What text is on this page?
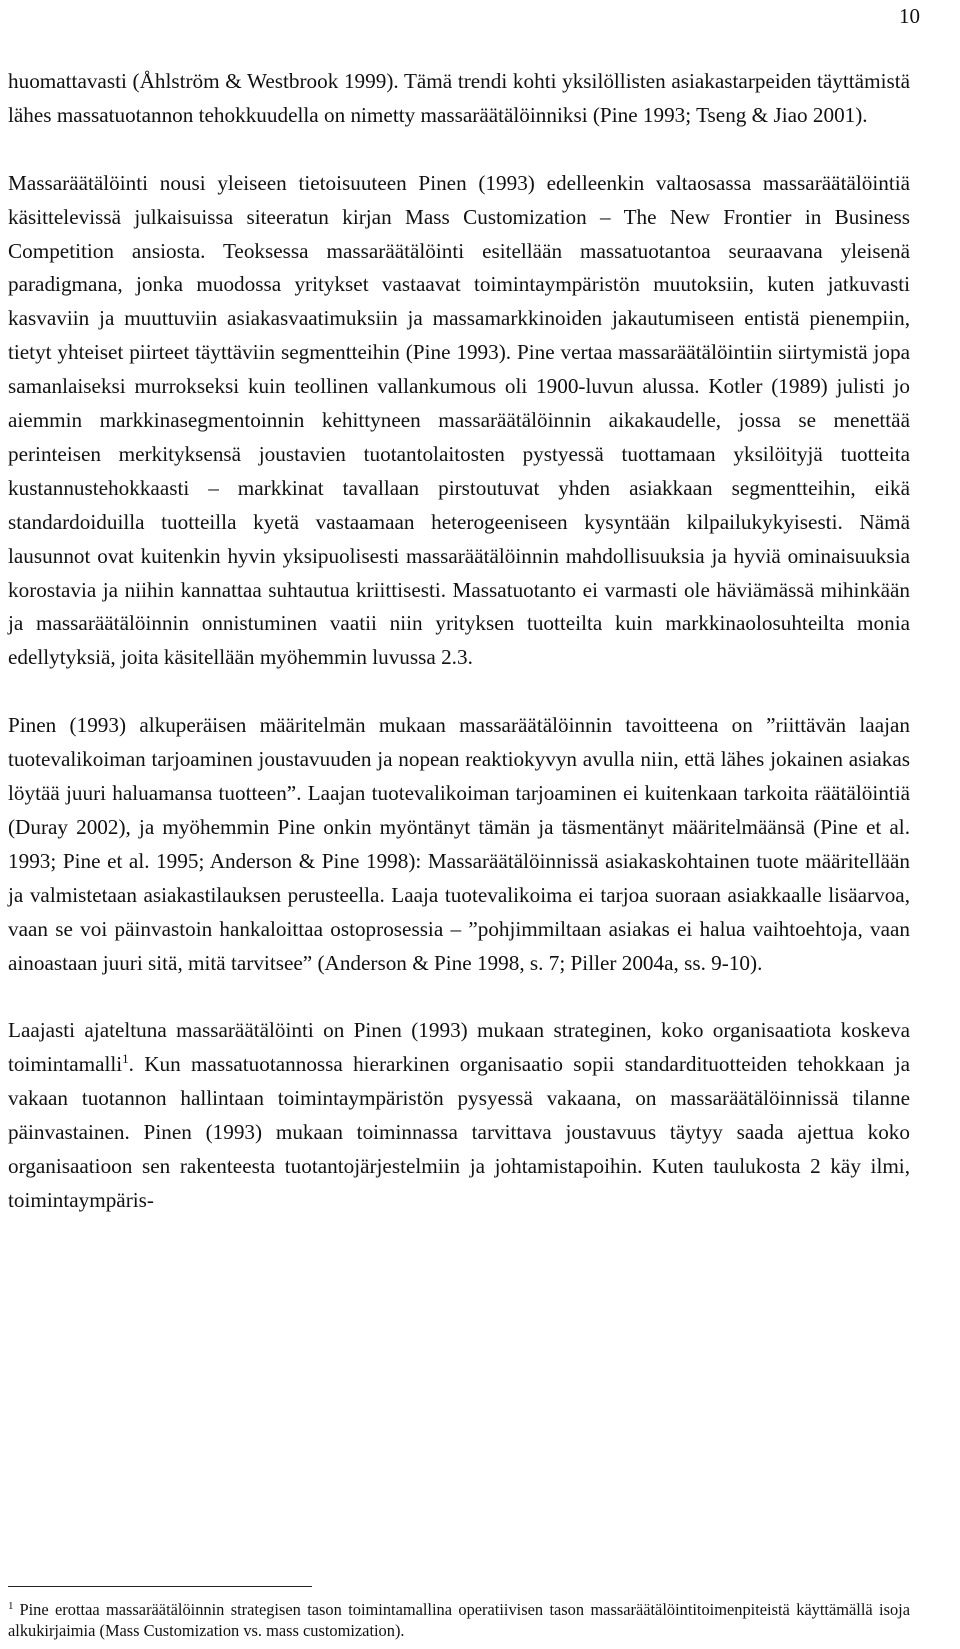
10

huomattavasti (Åhlström & Westbrook 1999). Tämä trendi kohti yksilöllisten asiakastarpeiden täyttämistä lähes massatuotannon tehokkuudella on nimetty massaräätälöinniksi (Pine 1993; Tseng & Jiao 2001).

Massaräätälöinti nousi yleiseen tietoisuuteen Pinen (1993) edelleenkin valtaosassa massaräätälöintiä käsittelevissä julkaisuissa siteeratun kirjan Mass Customization – The New Frontier in Business Competition ansiosta. Teoksessa massaräätälöinti esitellään massatuotantoa seuraavana yleisenä paradigmana, jonka muodossa yritykset vastaavat toimintaympäristön muutoksiin, kuten jatkuvasti kasvaviin ja muuttuviin asiakasvaatimuksiin ja massamarkkinoiden jakautumiseen entistä pienempiin, tietyt yhteiset piirteet täyttäviin segmentteihin (Pine 1993). Pine vertaa massaräätälöintiin siirtymistä jopa samanlaiseksi murrokseksi kuin teollinen vallankumous oli 1900-luvun alussa. Kotler (1989) julisti jo aiemmin markkinasegmentoinnin kehittyneen massaräätälöinnin aikakaudelle, jossa se menettää perinteisen merkityksensä joustavien tuotantolaitosten pystyessä tuottamaan yksilöityjä tuotteita kustannustehokkaasti – markkinat tavallaan pirstoutuvat yhden asiakkaan segmentteihin, eikä standardoiduilla tuotteilla kyetä vastaamaan heterogeeniseen kysyntään kilpailukykyisesti. Nämä lausunnot ovat kuitenkin hyvin yksipuolisesti massaräätälöinnin mahdollisuuksia ja hyviä ominaisuuksia korostavia ja niihin kannattaa suhtautua kriittisesti. Massatuotanto ei varmasti ole häviämässä mihinkään ja massaräätälöinnin onnistuminen vaatii niin yrityksen tuotteilta kuin markkinaolosuhteilta monia edellytyksiä, joita käsitellään myöhemmin luvussa 2.3.

Pinen (1993) alkuperäisen määritelmän mukaan massaräätälöinnin tavoitteena on ”riittävän laajan tuotevalikoiman tarjoaminen joustavuuden ja nopean reaktiokyvyn avulla niin, että lähes jokainen asiakas löytää juuri haluamansa tuotteen”. Laajan tuotevalikoiman tarjoaminen ei kuitenkaan tarkoita räätälöintiä (Duray 2002), ja myöhemmin Pine onkin myöntänyt tämän ja täsmentänyt määritelmäänsä (Pine et al. 1993; Pine et al. 1995; Anderson & Pine 1998): Massaräätälöinnissä asiakaskohtainen tuote määritellään ja valmistetaan asiakastilauksen perusteella. Laaja tuotevalikoima ei tarjoa suoraan asiakkaalle lisäarvoa, vaan se voi päinvastoin hankaloittaa ostoprosessia – ”pohjimmiltaan asiakas ei halua vaihtoehtoja, vaan ainoastaan juuri sitä, mitä tarvitsee” (Anderson & Pine 1998, s. 7; Piller 2004a, ss. 9-10).

Laajasti ajateltuna massaräätälöinti on Pinen (1993) mukaan strateginen, koko organisaatiota koskeva toimintamalli$^1$. Kun massatuotannossa hierarkinen organisaatio sopii standardituotteiden tehokkaan ja vakaan tuotannon hallintaan toimintaympäristön pysyessä vakaana, on massaräätälöinnissä tilanne päinvastainen. Pinen (1993) mukaan toiminnassa tarvittava joustavuus täytyy saada ajettua koko organisaatioon sen rakenteesta tuotantojärjestelmiin ja johtamistapoihin. Kuten taulukosta 2 käy ilmi, toimintaympäris-

$^1$ Pine erottaa massaräätälöinnin strategisen tason toimintamallina operatiivisen tason massaräätälöintitoimenpiteistä käyttämällä isoja alkukirjaimia (Mass Customization vs. mass customization).
